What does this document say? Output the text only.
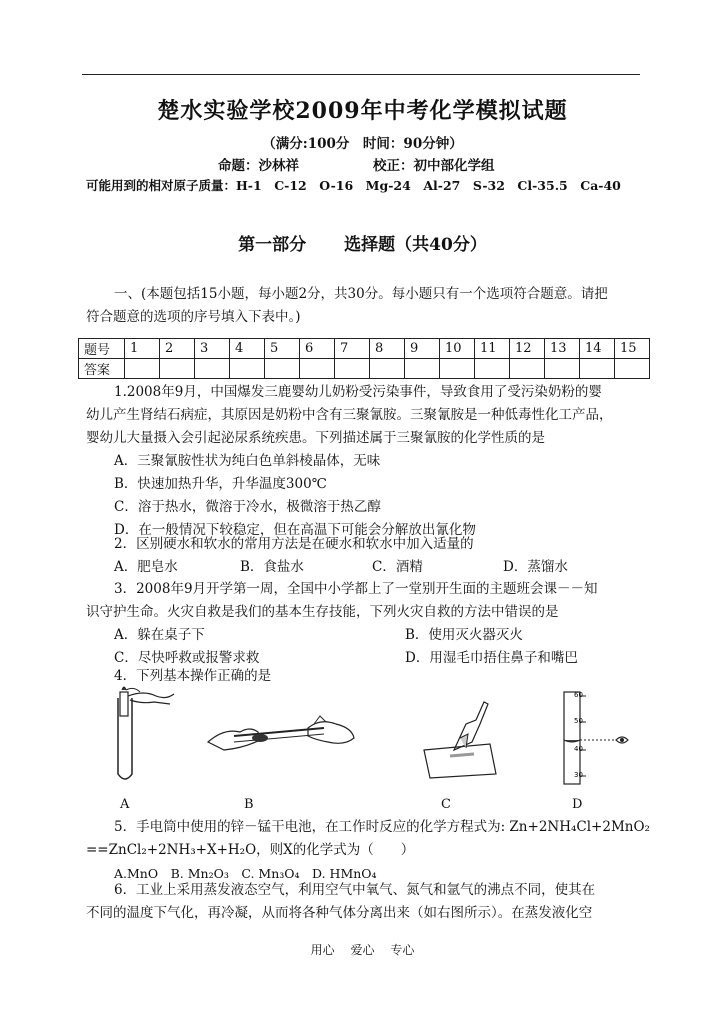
楚水实验学校2009年中考化学模拟试题
（满分:100分　时间：90分钟）
命题：沙林祥	校正：初中部化学组
可能用到的相对原子质量：H-1　C-12　O-16　Mg-24　Al-27　S-32　Cl-35.5　Ca-40
第一部分 选择题（共40分）
一、(本题包括15小题，每小题2分，共30分。每小题只有一个选项符合题意。请把
符合题意的选项的序号填入下表中。)
题号	1	2	3	4	5	6	7	8	9	10	11	12	13	14	15
答案															
1.2008年9月，中国爆发三鹿婴幼儿奶粉受污染事件，导致食用了受污染奶粉的婴
幼儿产生肾结石病症，其原因是奶粉中含有三聚氰胺。三聚氰胺是一种低毒性化工产品，
婴幼儿大量摄入会引起泌尿系统疾患。下列描述属于三聚氰胺的化学性质的是
A．三聚氰胺性状为纯白色单斜棱晶体，无味
B．快速加热升华，升华温度300℃
C．溶于热水，微溶于冷水，极微溶于热乙醇
D．在一般情况下较稳定，但在高温下可能会分解放出氰化物
2．区别硬水和软水的常用方法是在硬水和软水中加入适量的
A．肥皂水	B．食盐水	C．酒精	D．蒸馏水
3．2008年9月开学第一周，全国中小学都上了一堂别开生面的主题班会课－－知
识守护生命。火灾自救是我们的基本生存技能，下列火灾自救的方法中错误的是
A．躲在桌子下	B．使用灭火器灭火
C．尽快呼救或报警求救	D．用湿毛巾捂住鼻子和嘴巴
4．下列基本操作正确的是
60
50
40
30
A	B	C	D
5．手电筒中使用的锌－锰干电池，在工作时反应的化学方程式为: Zn+2NH₄Cl+2MnO₂
==ZnCl₂+2NH₃+X+H₂O，则X的化学式为（　　）
A.MnO　B. Mn₂O₃　C. Mn₃O₄　D. HMnO₄
6．工业上采用蒸发液态空气，利用空气中氧气、氮气和氩气的沸点不同，使其在
不同的温度下气化，再冷凝，从而将各种气体分离出来（如右图所示）。在蒸发液化空
用心 爱心 专心
